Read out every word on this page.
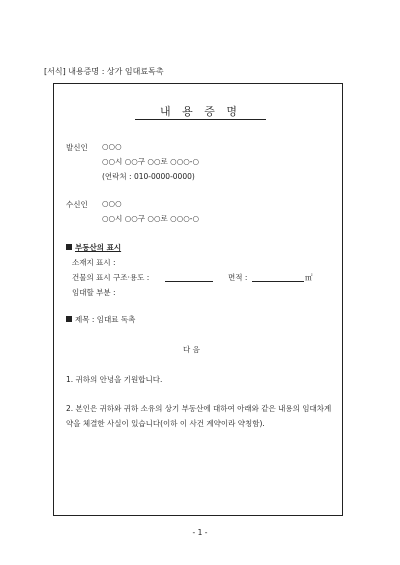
[서식] 내용증명 : 상가 임대료독촉
내 용 증 명
발신인 ○○○
○○시 ○○구 ○○로 ○○○-○
(연락처 : 010-0000-0000)
수신인 ○○○
○○시 ○○구 ○○로 ○○○-○
부동산의 표시
소재지 표시 :
건물의 표시 구조·용도 :	면적 :	㎡
임대할 부분 :
제목 : 임대료 독촉
다 음
1. 귀하의 안녕을 기원합니다.
2. 본인은 귀하와 귀하 소유의 상기 부동산에 대하여 아래와 같은 내용의 임대차계
약을 체결한 사실이 있습니다(이하 이 사건 계약이라 약칭함).
- 1 -
